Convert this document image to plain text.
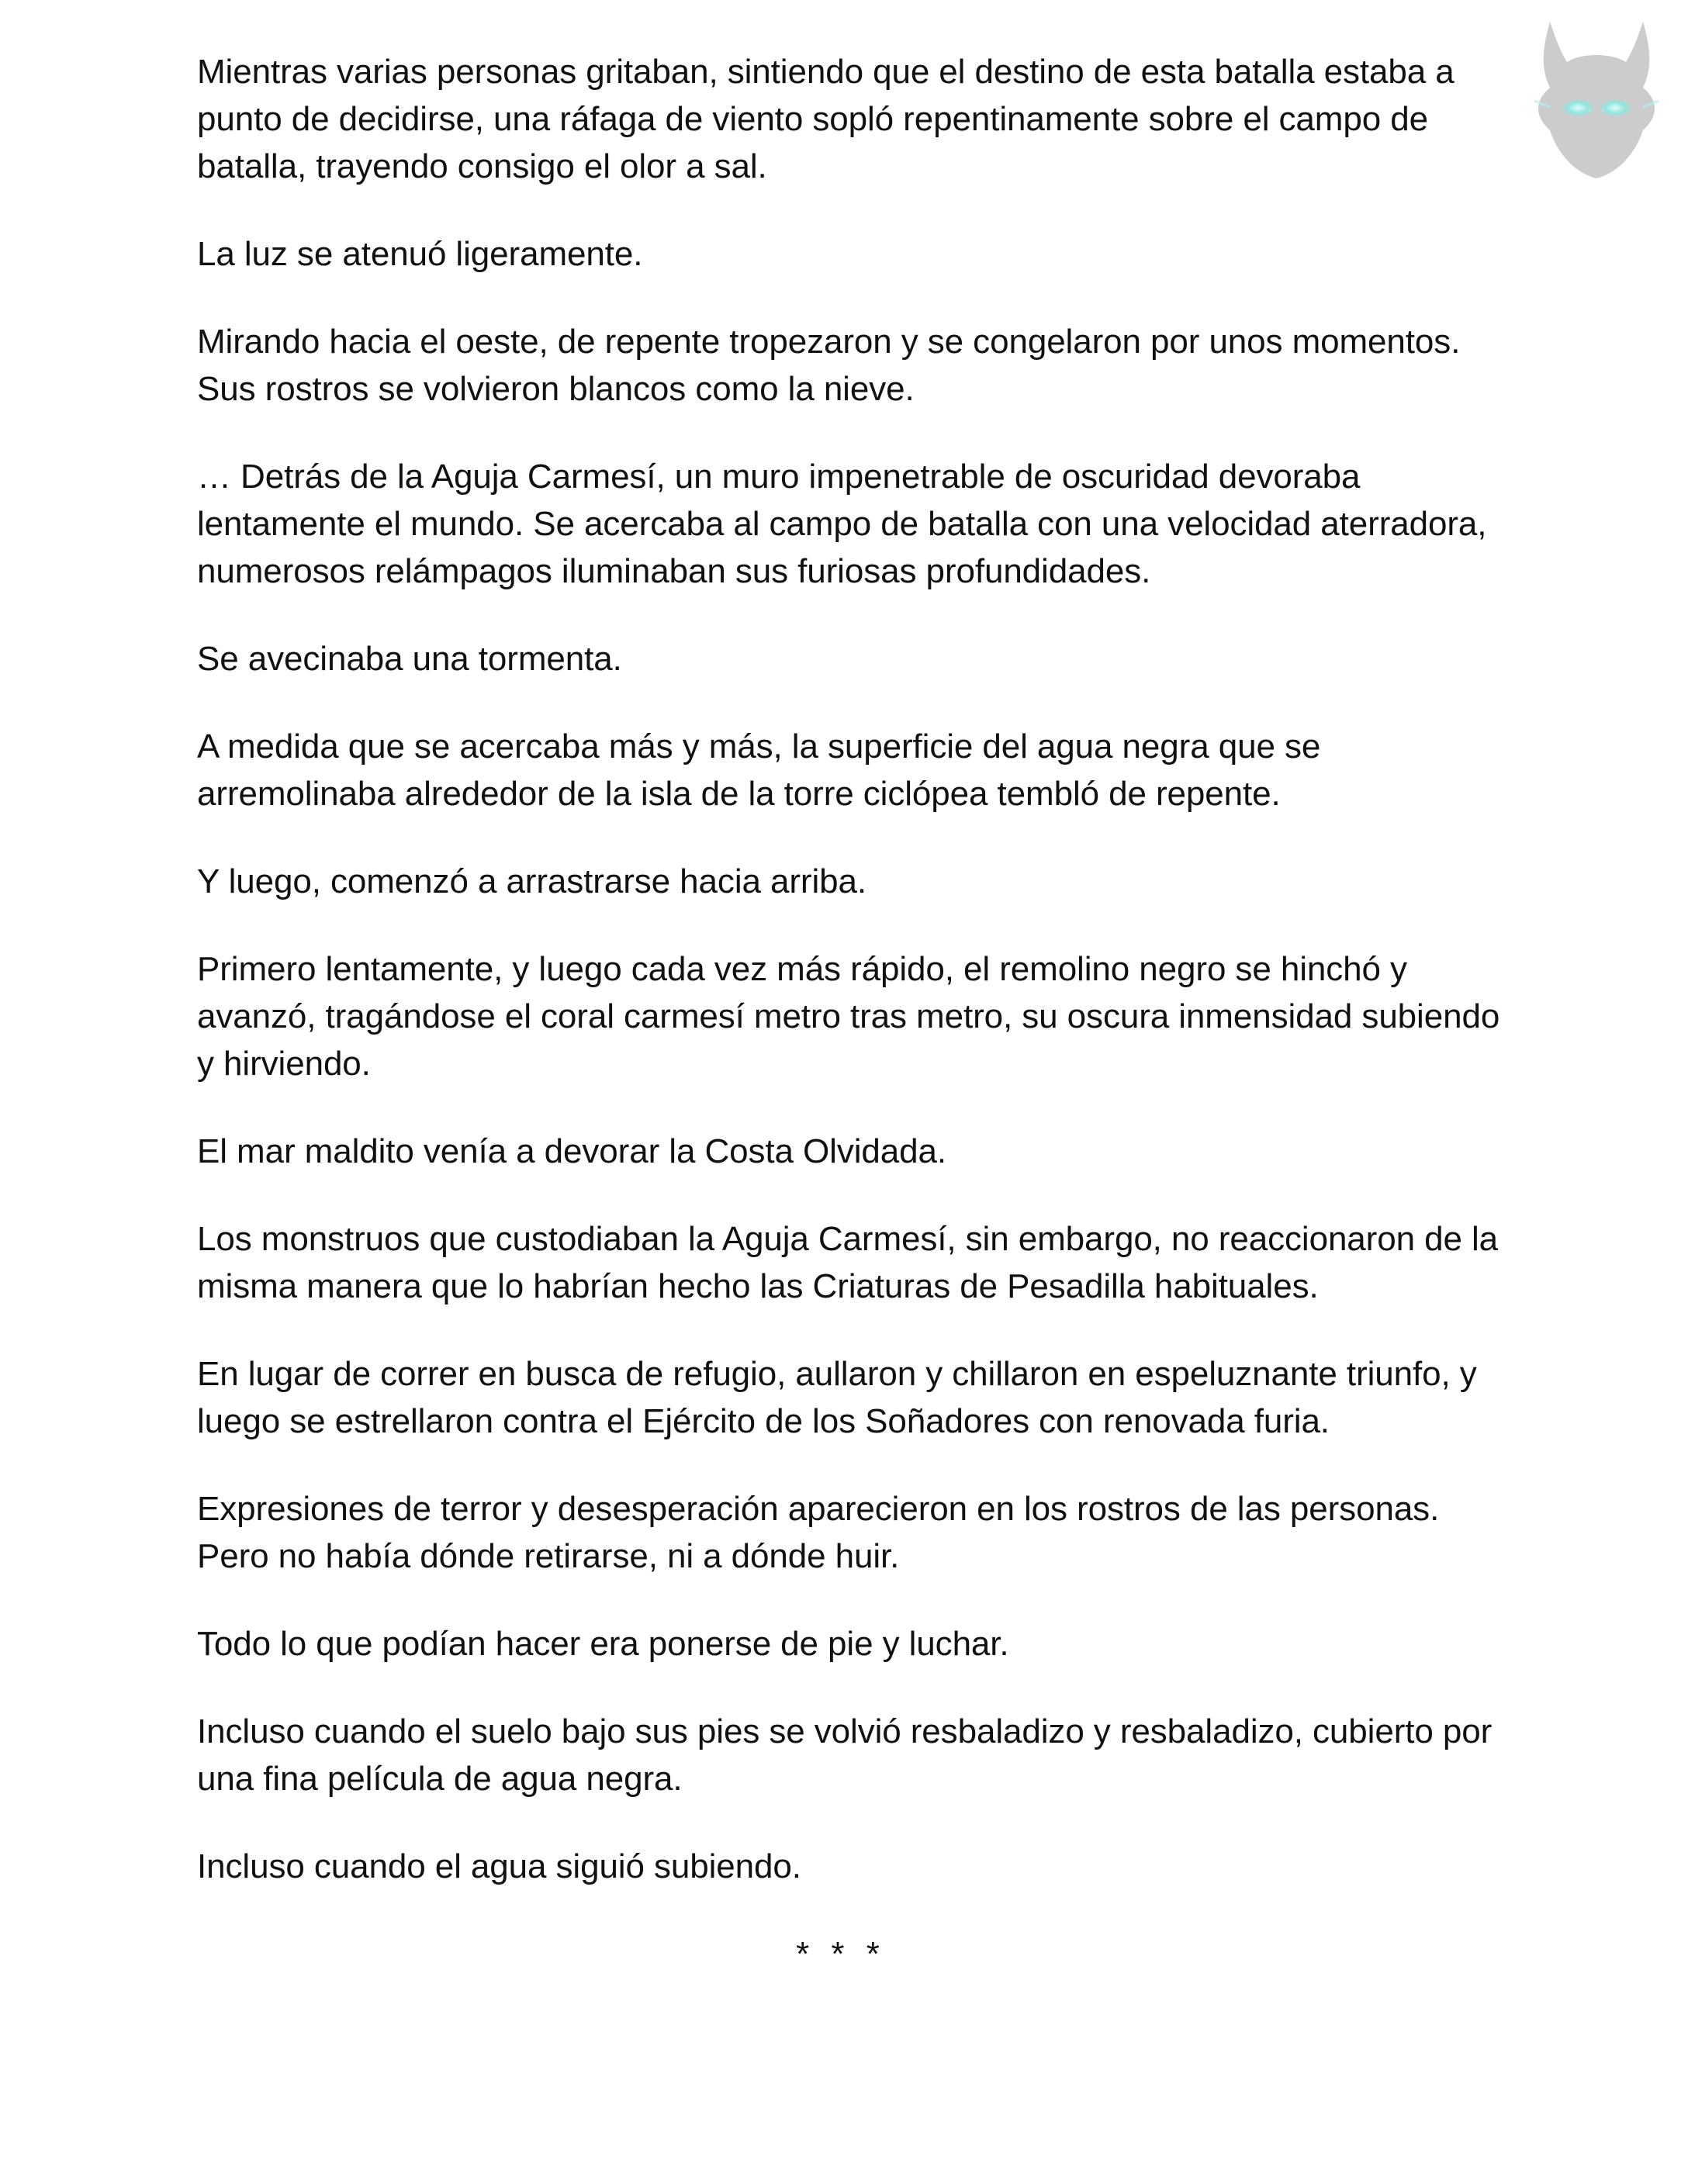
Mientras varias personas gritaban, sintiendo que el destino de esta batalla estaba a punto de decidirse, una ráfaga de viento sopló repentinamente sobre el campo de batalla, trayendo consigo el olor a sal.

La luz se atenuó ligeramente.

Mirando hacia el oeste, de repente tropezaron y se congelaron por unos momentos. Sus rostros se volvieron blancos como la nieve.

… Detrás de la Aguja Carmesí, un muro impenetrable de oscuridad devoraba lentamente el mundo. Se acercaba al campo de batalla con una velocidad aterradora, numerosos relámpagos iluminaban sus furiosas profundidades.

Se avecinaba una tormenta.

A medida que se acercaba más y más, la superficie del agua negra que se arremolinaba alrededor de la isla de la torre ciclópea tembló de repente.

Y luego, comenzó a arrastrarse hacia arriba.

Primero lentamente, y luego cada vez más rápido, el remolino negro se hinchó y avanzó, tragándose el coral carmesí metro tras metro, su oscura inmensidad subiendo y hirviendo.

El mar maldito venía a devorar la Costa Olvidada.

Los monstruos que custodiaban la Aguja Carmesí, sin embargo, no reaccionaron de la misma manera que lo habrían hecho las Criaturas de Pesadilla habituales.

En lugar de correr en busca de refugio, aullaron y chillaron en espeluznante triunfo, y luego se estrellaron contra el Ejército de los Soñadores con renovada furia.

Expresiones de terror y desesperación aparecieron en los rostros de las personas. Pero no había dónde retirarse, ni a dónde huir.

Todo lo que podían hacer era ponerse de pie y luchar.

Incluso cuando el suelo bajo sus pies se volvió resbaladizo y resbaladizo, cubierto por una fina película de agua negra.

Incluso cuando el agua siguió subiendo.

* * *
